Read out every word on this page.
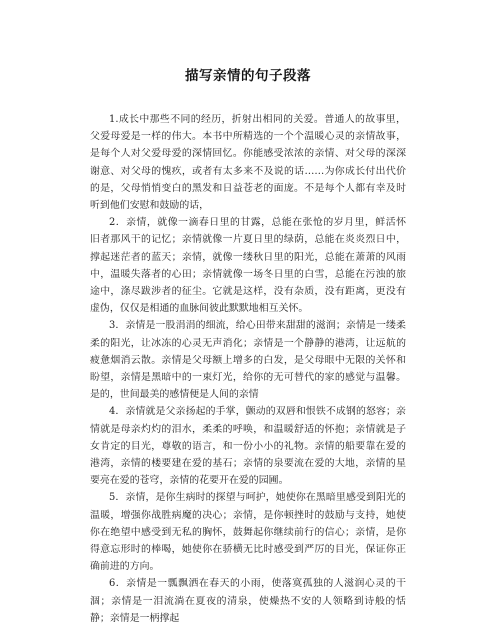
描写亲情的句子段落

1.成长中那些不同的经历，折射出相同的关爱。普通人的故事里，父爱母爱是一样的伟大。本书中所精选的一个个温暖心灵的亲情故事，是每个人对父爱母爱的深情回忆。你能感受浓浓的亲情、对父母的深深谢意、对父母的愧疚，或者有太多来不及说的话……为你成长付出代价的是，父母悄悄变白的黑发和日益苍老的面庞。不是每个人都有幸及时听到他们安慰和鼓励的话，

2．亲情，就像一滴春日里的甘露，总能在张怆的岁月里，鲜活怀 旧者那风干的记忆；亲情就像一片夏日里的绿荫，总能在炎炎烈日中，撑起迷茫者的蓝天；亲情，就像一缕秋日里的阳光，总能在萧萧的风雨中，温暖失落者的心田；亲情就像一场冬日里的白雪，总能在污浊的旅途中，涤尽跋涉者的征尘。它就是这样，没有杂质，没有距离，更没有虚伪，仅仅是相通的血脉间彼此默默地相互关怀。

3．亲情是一股涓涓的细流，给心田带来甜甜的滋润；亲情是一缕柔柔的阳光，让冰冻的心灵无声消化；亲情是一个静静的港湾，让远航的疲惫烟消云散。亲情是父母额上增多的白发，是父母眼中无限的关怀和盼望，亲情是黑暗中的一束灯光，给你的无可替代的家的感觉与温馨。是的，世间最美的感情便是人间的亲情

4．亲情就是父亲扬起的手掌，颤动的双唇和恨铁不成钢的怒容；亲情就是母亲灼灼的泪水，柔柔的呼唤，和温暖舒适的怀抱；亲情就是子女肯定的目光，尊敬的语言，和一份小小的礼物。亲情的船要靠在爱的港湾，亲情的楼要建在爱的基石；亲情的泉要流在爱的大地，亲情的星要亮在爱的苍穹，亲情的花要开在爱的园圃。

5．亲情，是你生病时的探望与呵护，她使你在黑暗里感受到阳光的温暖，增强你战胜病魔的决心；亲情，是你顿挫时的鼓励与支持，她使你在绝望中感受到无私的胸怀，鼓舞起你继续前行的信心；亲情，是你得意忘形时的棒喝，她使你在骄横无比时感受到严厉的目光，保证你正确前进的方向。

6．亲情是一瓢飘洒在春天的小雨，使落寞孤独的人滋润心灵的干涸；亲情是一泪流淌在夏夜的清泉，使燥热不安的人领略到诗般的恬静；亲情是一柄撑起
